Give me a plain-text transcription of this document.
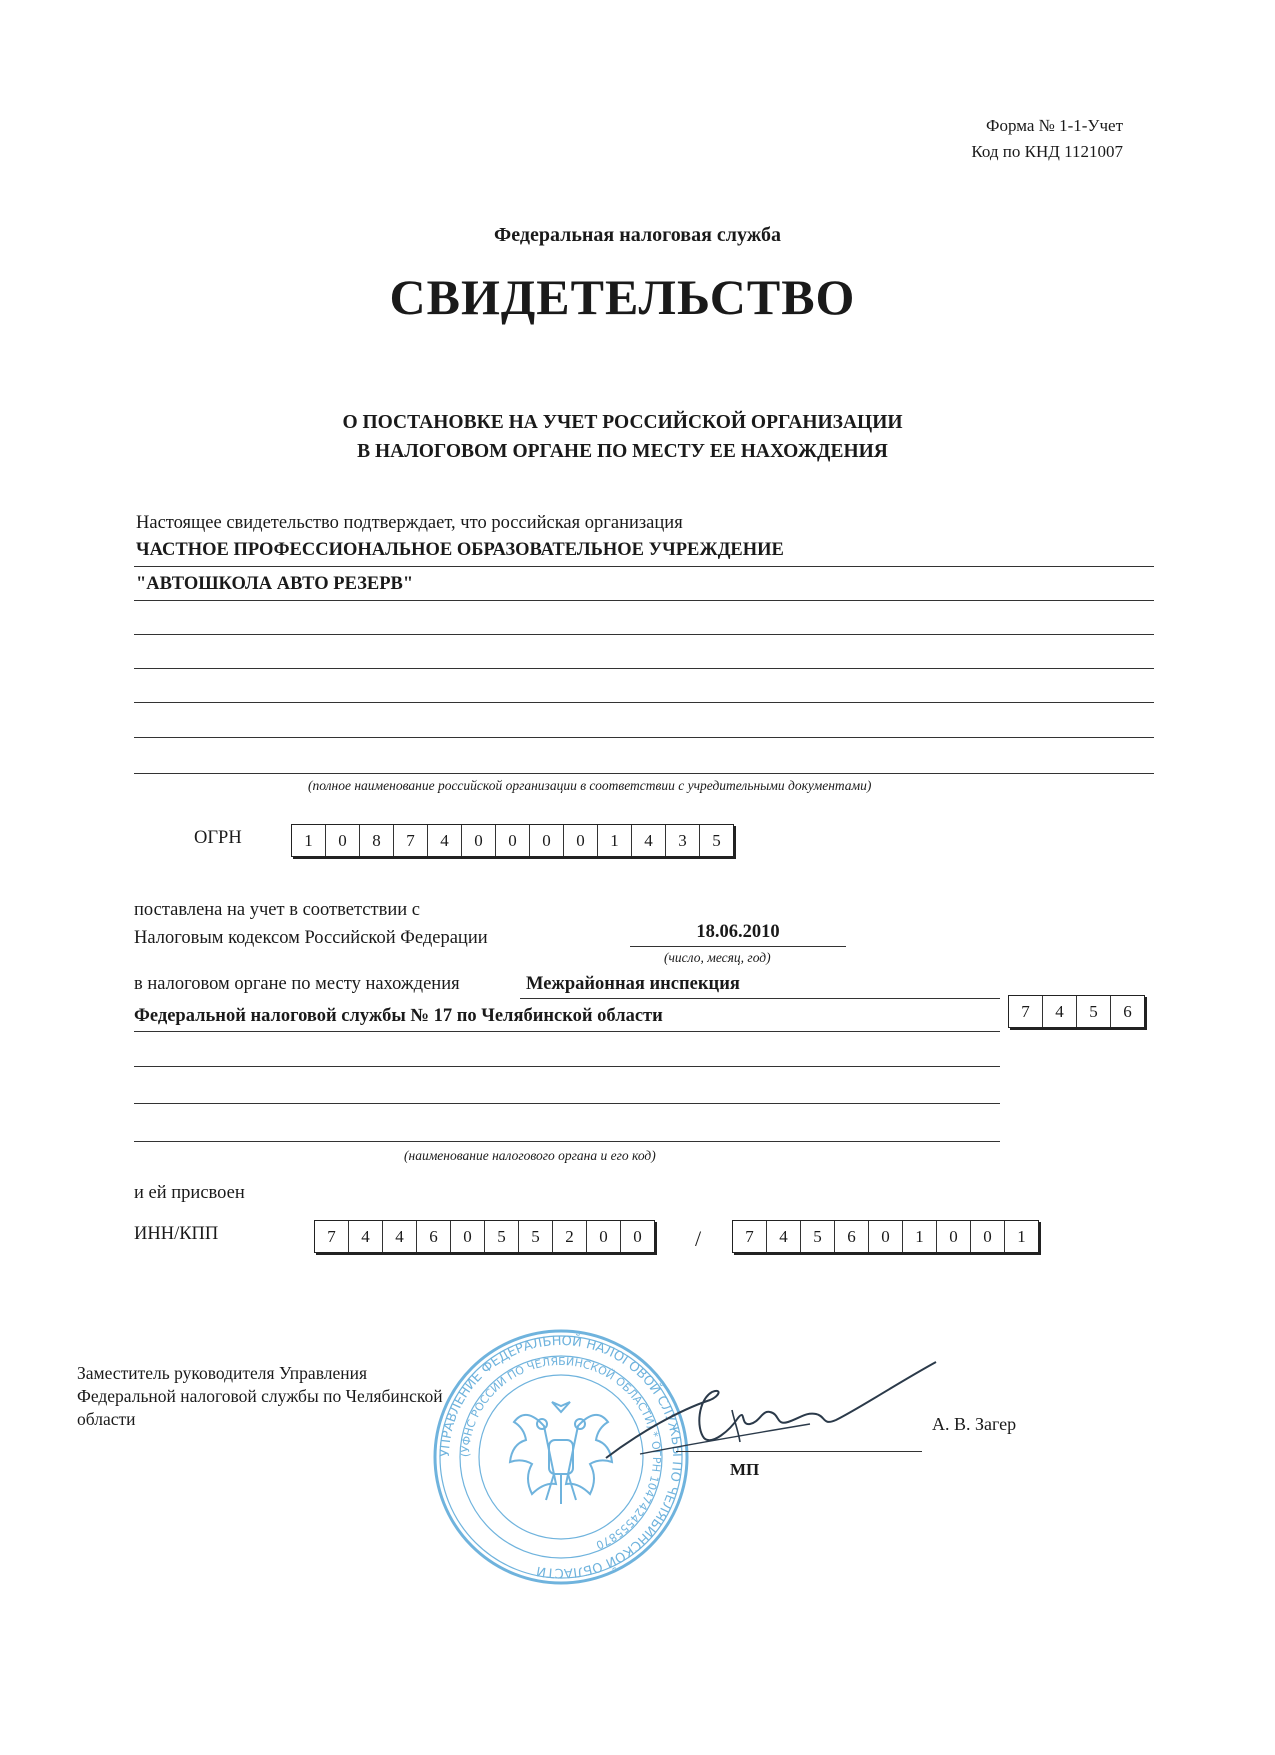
Форма № 1-1-Учет
Код по КНД 1121007
Федеральная налоговая служба
СВИДЕТЕЛЬСТВО
О ПОСТАНОВКЕ НА УЧЕТ РОССИЙСКОЙ ОРГАНИЗАЦИИ
В НАЛОГОВОМ ОРГАНЕ ПО МЕСТУ ЕЕ НАХОЖДЕНИЯ
Настоящее свидетельство подтверждает, что российская организация
ЧАСТНОЕ ПРОФЕССИОНАЛЬНОЕ ОБРАЗОВАТЕЛЬНОЕ УЧРЕЖДЕНИЕ
"АВТОШКОЛА АВТО РЕЗЕРВ"
(полное наименование российской организации в соответствии с учредительными документами)
ОГРН	1	0	8	7	4	0	0	0	0	1	4	3	5
поставлена на учет в соответствии с
Налоговым кодексом Российской Федерации	18.06.2010
(число, месяц, год)
в налоговом органе по месту нахождения	Межрайонная инспекция
Федеральной налоговой службы № 17 по Челябинской области	7	4	5	6
(наименование налогового органа и его код)
и ей присвоен
ИНН/КПП	7	4	4	6	0	5	5	2	0	0	/	7	4	5	6	0	1	0	0	1
УПРАВЛЕНИЕ ФЕДЕРАЛЬНОЙ НАЛОГОВОЙ СЛУЖБЫ ПО ЧЕЛЯБИНСКОЙ ОБЛАСТИ
(УФНС РОССИИ ПО ЧЕЛЯБИНСКОЙ ОБЛАСТИ) * ОГРН 1047424555870
Заместитель руководителя Управления
Федеральной налоговой службы по Челябинской
области	А. В. Загер
МП
